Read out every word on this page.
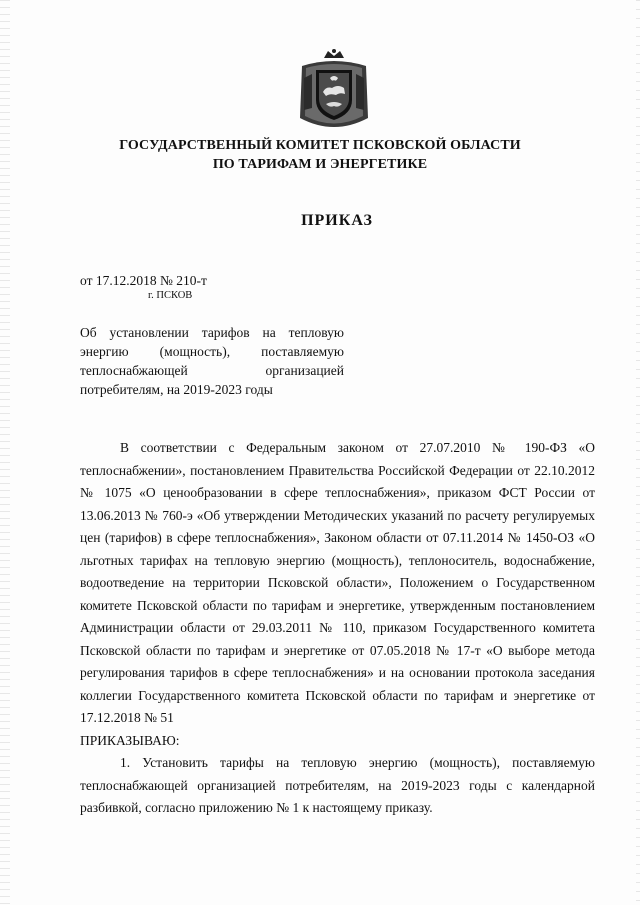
ГОСУДАРСТВЕННЫЙ КОМИТЕТ ПСКОВСКОЙ ОБЛАСТИ
ПО ТАРИФАМ И ЭНЕРГЕТИКЕ
ПРИКАЗ
от 17.12.2018 № 210-т
г. ПСКОВ
Об установлении тарифов на тепловую энергию (мощность), поставляемую теплоснабжающей организацией потребителям, на 2019-2023 годы

В соответствии с Федеральным законом от 27.07.2010 № 190-ФЗ «О теплоснабжении», постановлением Правительства Российской Федерации от 22.10.2012 № 1075 «О ценообразовании в сфере теплоснабжения», приказом ФСТ России от 13.06.2013 № 760-э «Об утверждении Методических указаний по расчету регулируемых цен (тарифов) в сфере теплоснабжения», Законом области от 07.11.2014 № 1450-ОЗ «О льготных тарифах на тепловую энергию (мощность), теплоноситель, водоснабжение, водоотведение на территории Псковской области», Положением о Государственном комитете Псковской области по тарифам и энергетике, утвержденным постановлением Администрации области от 29.03.2011 № 110, приказом Государственного комитета Псковской области по тарифам и энергетике от 07.05.2018 № 17-т «О выборе метода регулирования тарифов в сфере теплоснабжения» и на основании протокола заседания коллегии Государственного комитета Псковской области по тарифам и энергетике от 17.12.2018 № 51

ПРИКАЗЫВАЮ:

1. Установить тарифы на тепловую энергию (мощность), поставляемую теплоснабжающей организацией потребителям, на 2019-2023 годы с календарной разбивкой, согласно приложению № 1 к настоящему приказу.
